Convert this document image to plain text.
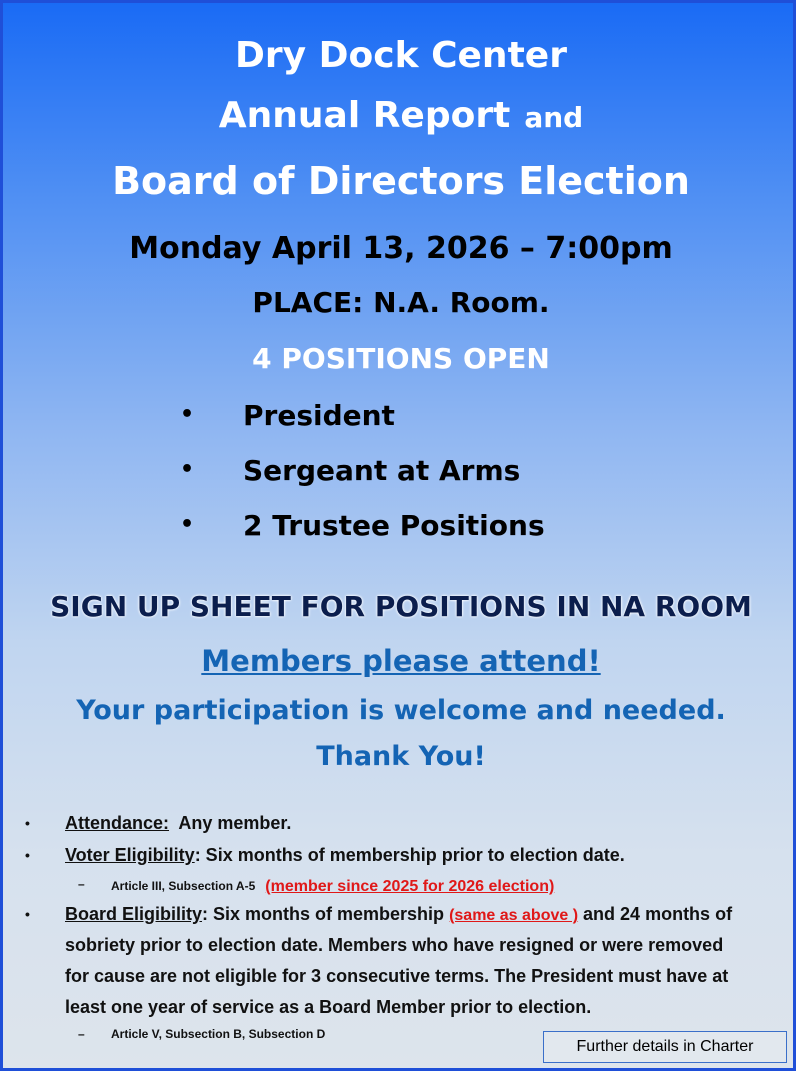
Dry Dock Center
Annual Report and
Board of Directors Election
Monday April 13, 2026 – 7:00pm
PLACE: N.A. Room.
4 POSITIONS OPEN
• President
• Sergeant at Arms
• 2 Trustee Positions
SIGN UP SHEET FOR POSITIONS IN NA ROOM
Members please attend!
Your participation is welcome and needed.
Thank You!
• Attendance: Any member.
• Voter Eligibility: Six months of membership prior to election date.
– Article III, Subsection A-5 (member since 2025 for 2026 election)
• Board Eligibility: Six months of membership (same as above ) and 24 months of
sobriety prior to election date. Members who have resigned or were removed
for cause are not eligible for 3 consecutive terms. The President must have at
least one year of service as a Board Member prior to election.
– Article V, Subsection B, Subsection D
Further details in Charter
